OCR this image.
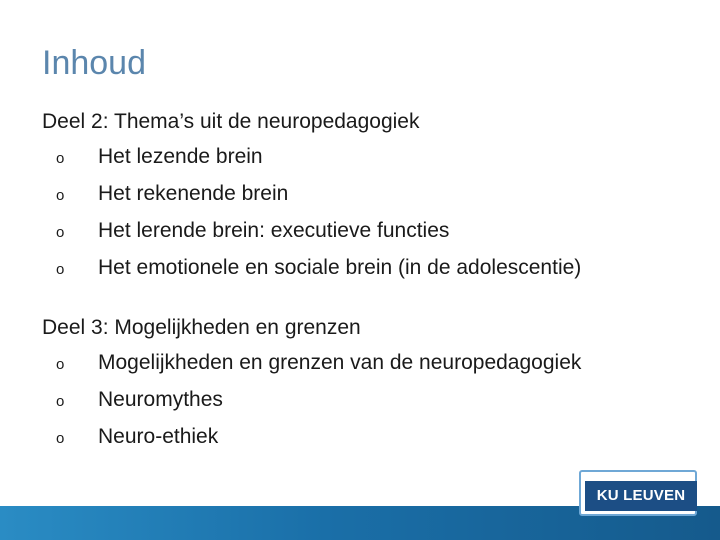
Inhoud

Deel 2: Thema’s uit de neuropedagogiek

o	Het lezende brein
o	Het rekenende brein
o	Het lerende brein: executieve functies
o	Het emotionele en sociale brein (in de adolescentie)

Deel 3: Mogelijkheden en grenzen

o	Mogelijkheden en grenzen van de neuropedagogiek
o	Neuromythes
o	Neuro-ethiek
KU LEUVEN
